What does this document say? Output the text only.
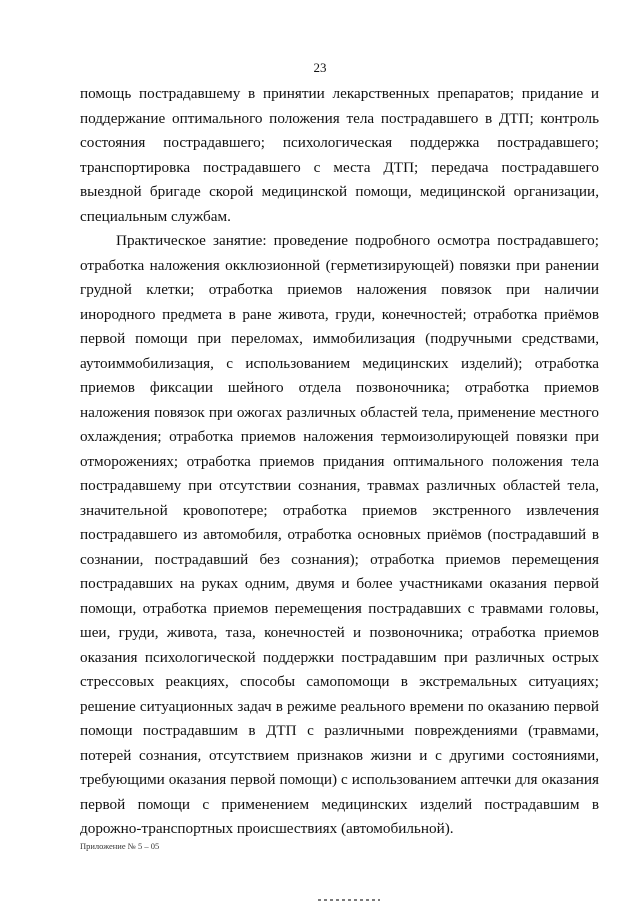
23

помощь пострадавшему в принятии лекарственных препаратов; придание и поддержание оптимального положения тела пострадавшего в ДТП; контроль состояния пострадавшего; психологическая поддержка пострадавшего; транспортировка пострадавшего с места ДТП; передача пострадавшего выездной бригаде скорой медицинской помощи, медицинской организации, специальным службам.

Практическое занятие: проведение подробного осмотра пострадавшего; отработка наложения окклюзионной (герметизирующей) повязки при ранении грудной клетки; отработка приемов наложения повязок при наличии инородного предмета в ране живота, груди, конечностей; отработка приёмов первой помощи при переломах, иммобилизация (подручными средствами, аутоиммобилизация, с использованием медицинских изделий); отработка приемов фиксации шейного отдела позвоночника; отработка приемов наложения повязок при ожогах различных областей тела, применение местного охлаждения; отработка приемов наложения термоизолирующей повязки при отморожениях; отработка приемов придания оптимального положения тела пострадавшему при отсутствии сознания, травмах различных областей тела, значительной кровопотере; отработка приемов экстренного извлечения пострадавшего из автомобиля, отработка основных приёмов (пострадавший в сознании, пострадавший без сознания); отработка приемов перемещения пострадавших на руках одним, двумя и более участниками оказания первой помощи, отработка приемов перемещения пострадавших с травмами головы, шеи, груди, живота, таза, конечностей и позвоночника; отработка приемов оказания психологической поддержки пострадавшим при различных острых стрессовых реакциях, способы самопомощи в экстремальных ситуациях; решение ситуационных задач в режиме реального времени по оказанию первой помощи пострадавшим в ДТП с различными повреждениями (травмами, потерей сознания, отсутствием признаков жизни и с другими состояниями, требующими оказания первой помощи) с использованием аптечки для оказания первой помощи с применением медицинских изделий пострадавшим в дорожно-транспортных происшествиях (автомобильной).

Приложение № 5 – 05
